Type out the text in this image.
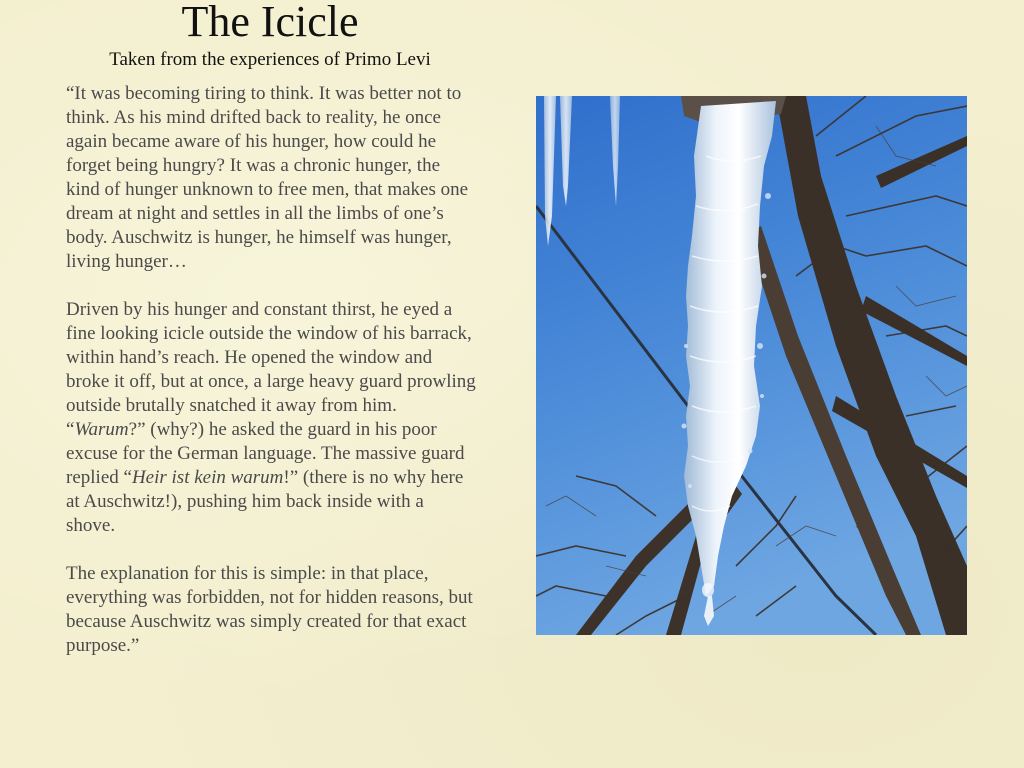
The Icicle
Taken from the experiences of Primo Levi

“It was becoming tiring to think. It was better not to think. As his mind drifted back to reality, he once again became aware of his hunger, how could he forget being hungry? It was a chronic hunger, the kind of hunger unknown to free men, that makes one dream at night and settles in all the limbs of one’s body. Auschwitz is hunger, he himself was hunger, living hunger…

Driven by his hunger and constant thirst, he eyed a fine looking icicle outside the window of his barrack, within hand’s reach. He opened the window and broke it off, but at once, a large heavy guard prowling outside brutally snatched it away from him. “Warum?” (why?) he asked the guard in his poor excuse for the German language. The massive guard replied “Heir ist kein warum!” (there is no why here at Auschwitz!), pushing him back inside with a shove.

The explanation for this is simple: in that place, everything was forbidden, not for hidden reasons, but because Auschwitz was simply created for that exact purpose.”
